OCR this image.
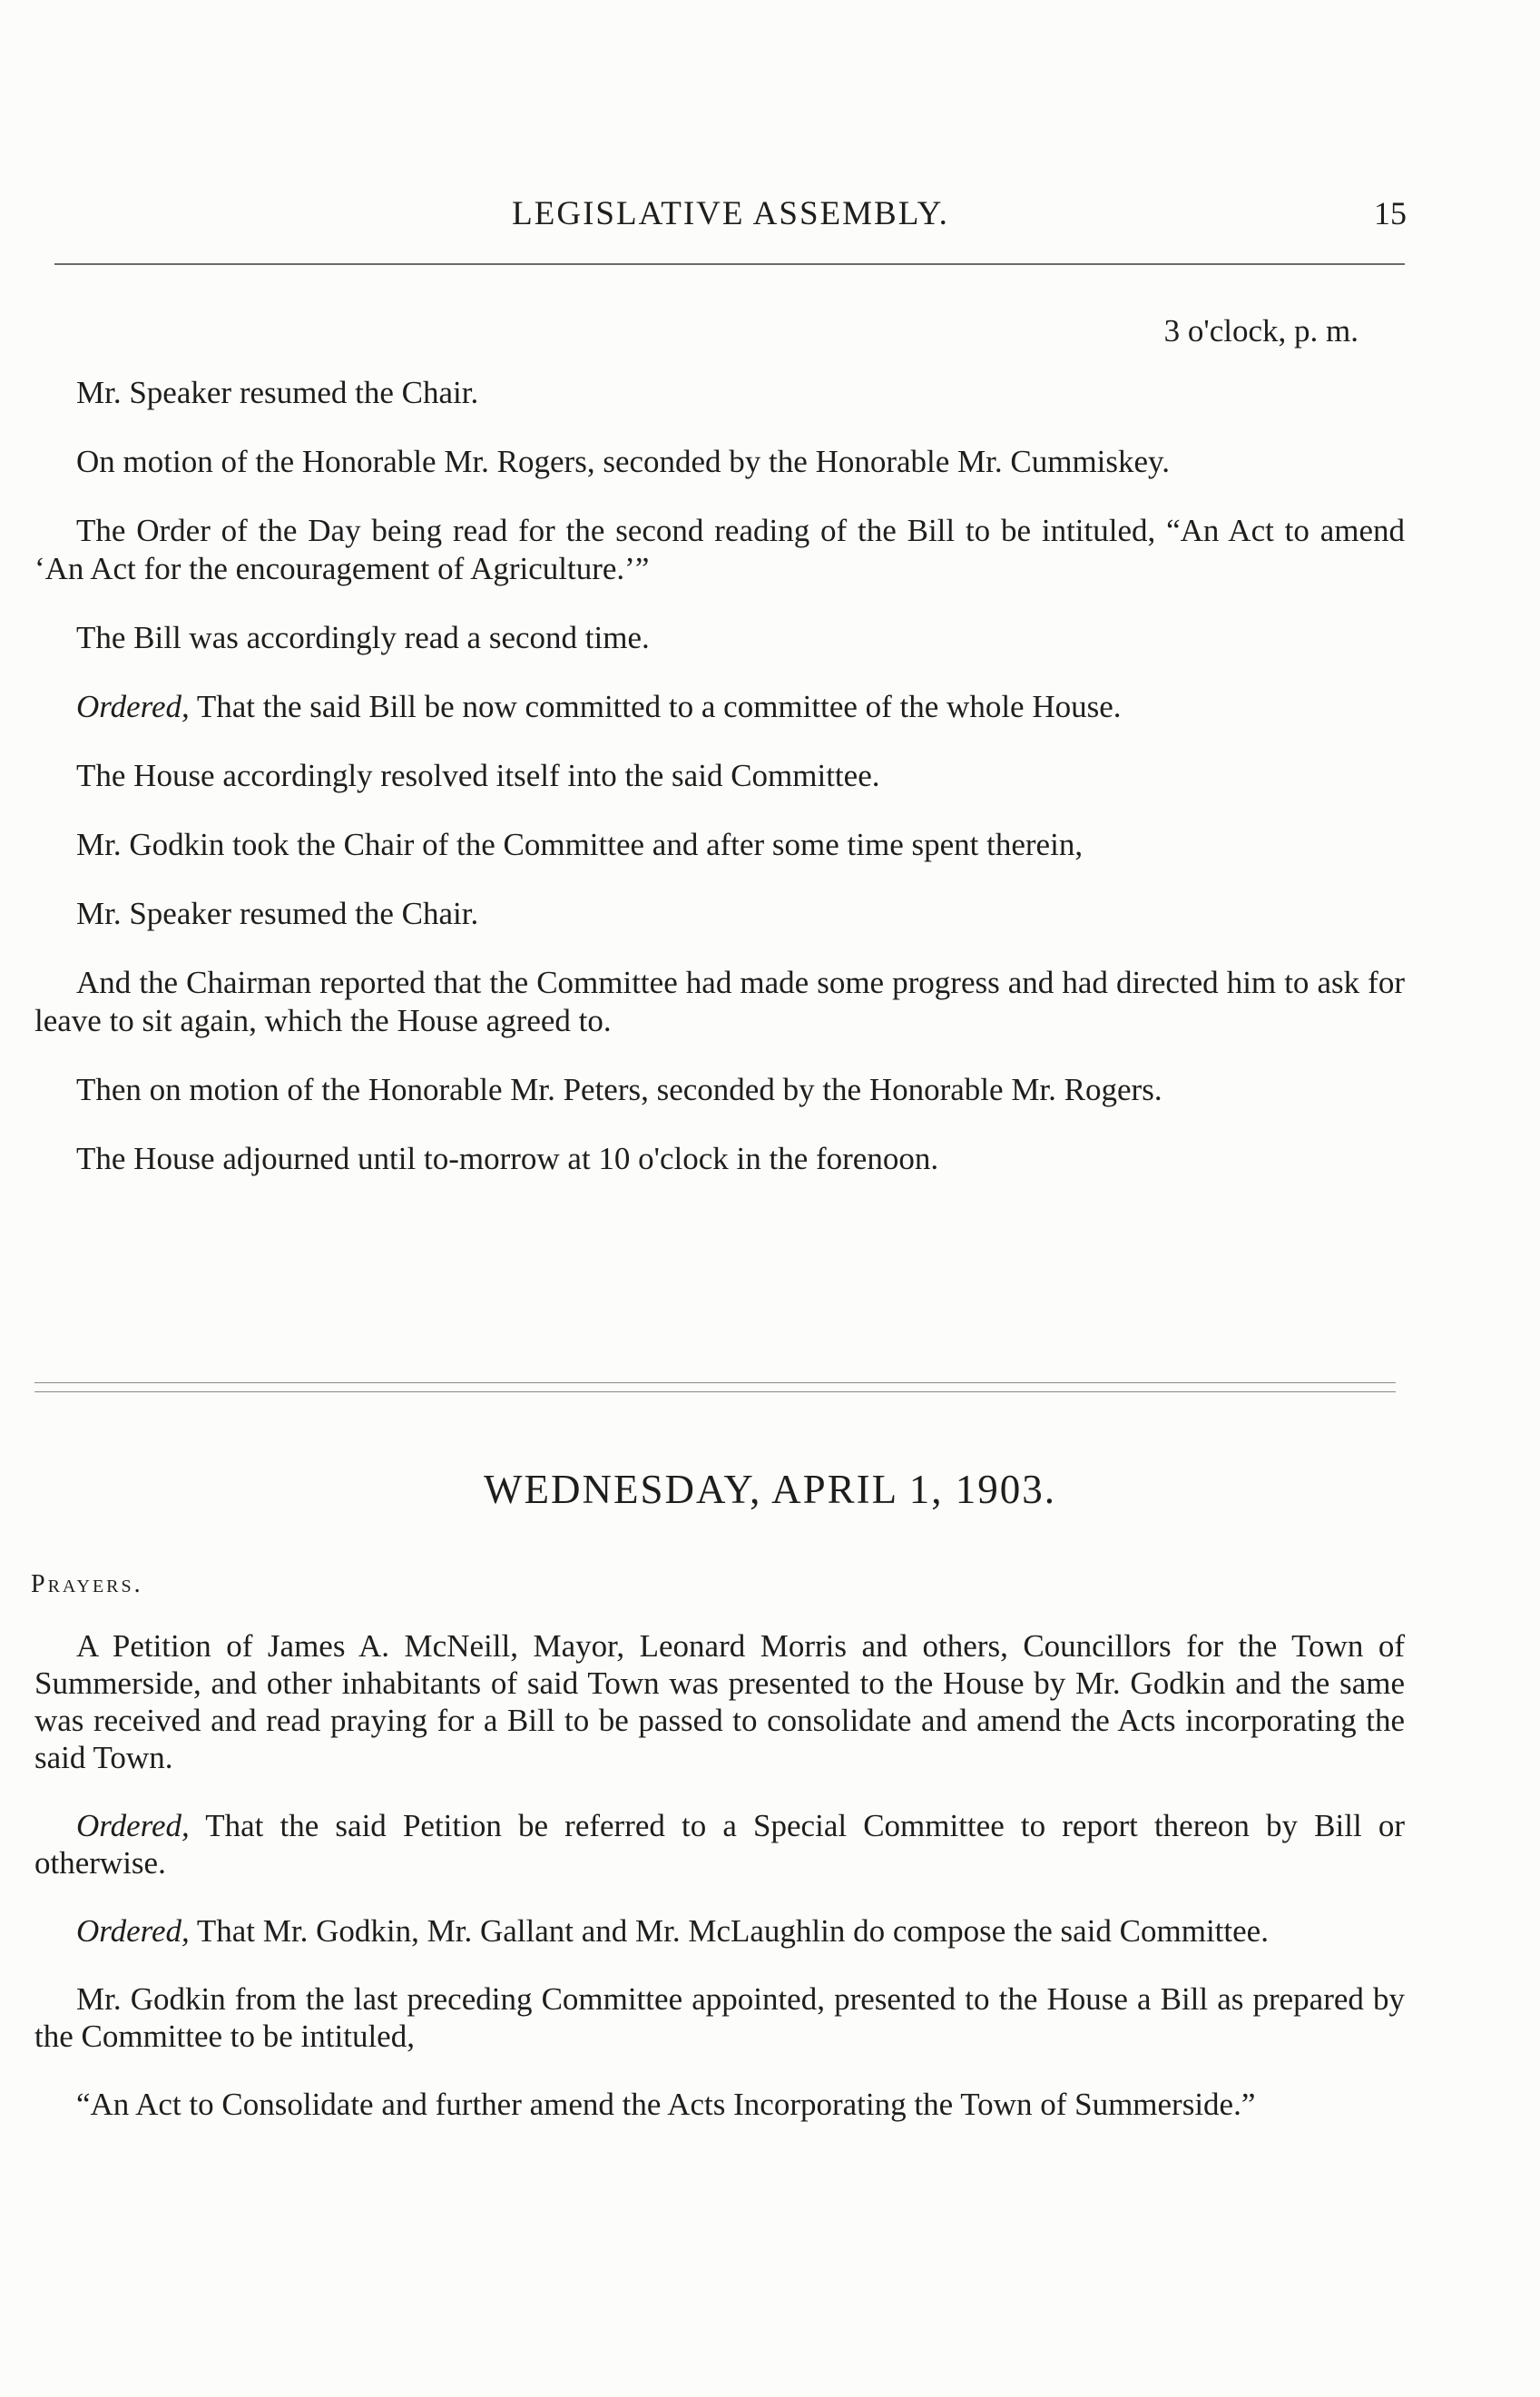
LEGISLATIVE ASSEMBLY.	15
3 o'clock, p. m.

Mr. Speaker resumed the Chair.

On motion of the Honorable Mr. Rogers, seconded by the Honorable Mr. Cummiskey.

The Order of the Day being read for the second reading of the Bill to be intituled, “An Act to amend ‘An Act for the encouragement of Agriculture.’”

The Bill was accordingly read a second time.

Ordered, That the said Bill be now committed to a committee of the whole House.

The House accordingly resolved itself into the said Committee.

Mr. Godkin took the Chair of the Committee and after some time spent therein,

Mr. Speaker resumed the Chair.

And the Chairman reported that the Committee had made some progress and had directed him to ask for leave to sit again, which the House agreed to.

Then on motion of the Honorable Mr. Peters, seconded by the Honorable Mr. Rogers.

The House adjourned until to-morrow at 10 o'clock in the forenoon.

WEDNESDAY, APRIL 1, 1903.
Prayers.

A Petition of James A. McNeill, Mayor, Leonard Morris and others, Councillors for the Town of Summerside, and other inhabitants of said Town was presented to the House by Mr. Godkin and the same was received and read praying for a Bill to be passed to consolidate and amend the Acts incorporating the said Town.

Ordered, That the said Petition be referred to a Special Committee to report thereon by Bill or otherwise.

Ordered, That Mr. Godkin, Mr. Gallant and Mr. McLaughlin do compose the said Committee.

Mr. Godkin from the last preceding Committee appointed, presented to the House a Bill as prepared by the Committee to be intituled,

“An Act to Consolidate and further amend the Acts Incorporating the Town of Summerside.”
